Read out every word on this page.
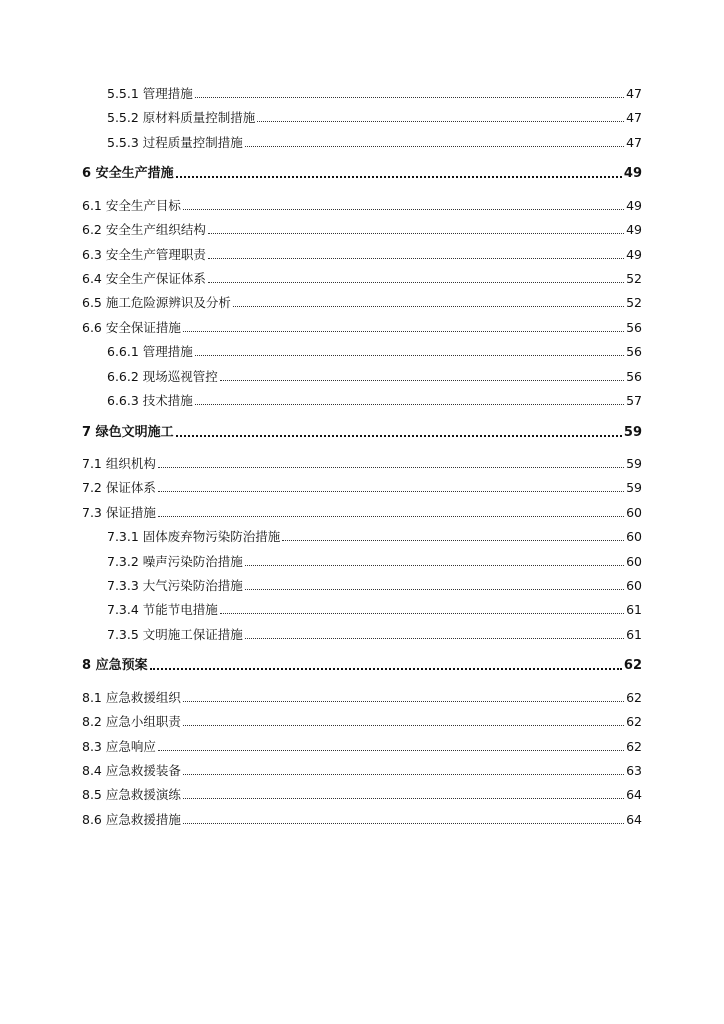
5.5.1 管理措施	47
5.5.2 原材料质量控制措施	47
5.5.3 过程质量控制措施	47
6 安全生产措施	49
6.1 安全生产目标	49
6.2 安全生产组织结构	49
6.3 安全生产管理职责	49
6.4 安全生产保证体系	52
6.5 施工危险源辨识及分析	52
6.6 安全保证措施	56
6.6.1 管理措施	56
6.6.2 现场巡视管控	56
6.6.3 技术措施	57
7 绿色文明施工	59
7.1 组织机构	59
7.2 保证体系	59
7.3 保证措施	60
7.3.1 固体废弃物污染防治措施	60
7.3.2 噪声污染防治措施	60
7.3.3 大气污染防治措施	60
7.3.4 节能节电措施	61
7.3.5 文明施工保证措施	61
8 应急预案	62
8.1 应急救援组织	62
8.2 应急小组职责	62
8.3 应急响应	62
8.4 应急救援装备	63
8.5 应急救援演练	64
8.6 应急救援措施	64
